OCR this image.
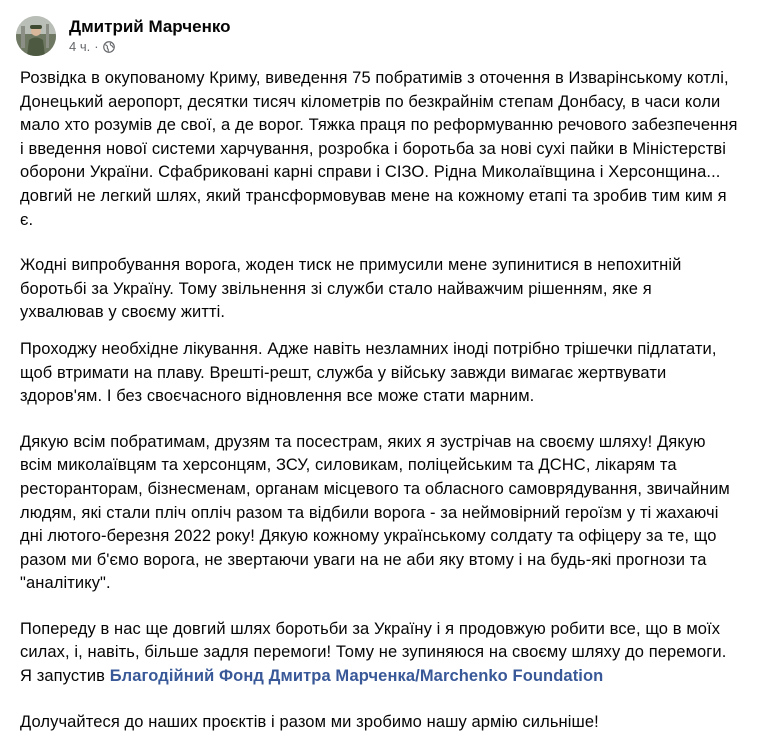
Дмитрий Марченко
4 ч. ·

Розвідка в окупованому Криму, виведення 75 побратимів з оточення в Изварінському котлі, Донецький аеропорт, десятки тисяч кілометрів по безкрайнім степам Донбасу, в часи коли мало хто розумів де свої, а де ворог. Тяжка праця по реформуванню речового забезпечення і введення нової системи харчування, розробка і боротьба за нові сухі пайки в Міністерстві оборони України. Сфабриковані карні справи і СІЗО. Рідна Миколаївщина і Херсонщина... довгий не легкий шлях, який трансформовував мене на кожному етапі та зробив тим ким я є.

Жодні випробування ворога, жоден тиск не примусили мене зупинитися в непохитній боротьбі за Україну. Тому звільнення зі служби стало найважчим рішенням, яке я ухвалював у своєму житті.

Проходжу необхідне лікування. Адже навіть незламних іноді потрібно трішечки підлатати, щоб втримати на плаву. Врешті-решт, служба у війську завжди вимагає жертвувати здоров'ям. І без своєчасного відновлення все може стати марним.

Дякую всім побратимам, друзям та посестрам, яких я зустрічав на своєму шляху! Дякую всім миколаївцям та херсонцям, ЗСУ, силовикам, поліцейським та ДСНС, лікарям та ресторанторам, бізнесменам, органам місцевого та обласного самоврядування, звичайним людям, які стали пліч опліч разом та відбили ворога - за неймовірний героїзм у ті жахаючі дні лютого-березня 2022 року! Дякую кожному українському солдату та офіцеру за те, що разом ми б'ємо ворога, не звертаючи уваги на не аби яку втому і на будь-які прогнози та "аналітику".

Попереду в нас ще довгий шлях боротьби за Україну і я продовжую робити все, що в моїх силах, і, навіть, більше задля перемоги! Тому не зупиняюся на своєму шляху до перемоги. Я запустив Благодійний Фонд Дмитра Марченка/Marchenko Foundation

Долучайтеся до наших проєктів і разом ми зробимо нашу армію сильнішe!
